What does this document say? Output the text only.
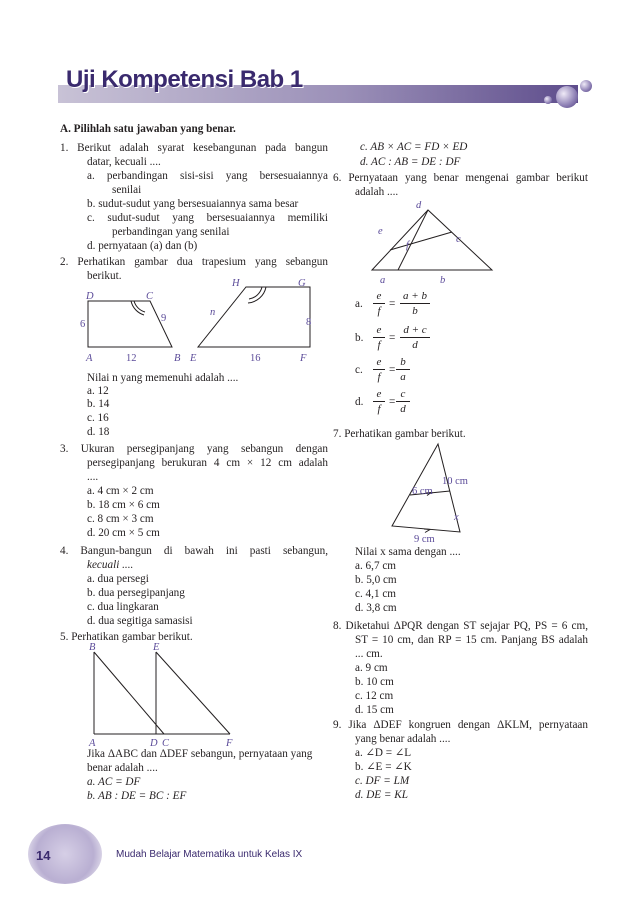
Uji Kompetensi Bab 1
A. Pilihlah satu jawaban yang benar.
1. Berikut adalah syarat kesebangunan pada bangun
datar, kecuali ....
a. perbandingan sisi-sisi yang bersesuaiannya
senilai
b. sudut-sudut yang bersesuaiannya sama besar
c. sudut-sudut yang bersesuaiannya memiliki
perbandingan yang senilai
d. pernyataan (a) dan (b)
2. Perhatikan gambar dua trapesium yang sebangun
berikut.
Nilai n yang memenuhi adalah ....
a. 12
b. 14
c. 16
d. 18
3. Ukuran persegipanjang yang sebangun dengan
persegipanjang berukuran 4 cm × 12 cm adalah
....
a. 4 cm × 2 cm
b. 18 cm × 6 cm
c. 8 cm × 3 cm
d. 20 cm × 5 cm
4. Bangun-bangun di bawah ini pasti sebangun,
kecuali ....
a. dua persegi
b. dua persegipanjang
c. dua lingkaran
d. dua segitiga samasisi
5. Perhatikan gambar berikut.
Jika ΔABC dan ΔDEF sebangun, pernyataan yang
benar adalah ....
a. AC = DF
b. AB : DE = BC : EF
D	C
6
9
A	12	B
H	G
n
8
E	16	F
B	E
A	D C	F
c. AB × AC = FD × ED
d. AC : AB = DE : DF
6. Pernyataan yang benar mengenai gambar berikut
adalah ....
7. Perhatikan gambar berikut.
Nilai x sama dengan ....
a. 6,7 cm
b. 5,0 cm
c. 4,1 cm
d. 3,8 cm
8. Diketahui ΔPQR dengan ST sejajar PQ, PS = 6 cm,
ST = 10 cm, dan RP = 15 cm. Panjang BS adalah
... cm.
a. 9 cm
b. 10 cm
c. 12 cm
d. 15 cm
9. Jika ΔDEF kongruen dengan ΔKLM, pernyataan
yang benar adalah ....
a. ∠D = ∠L
b. ∠E = ∠K
c. DF = LM
d. DE = KL
d
e
f
c
a	b
a.
e
f
=
a + b
b
b.
e
f
=
d + c
d
c.
e
f
=
b
a
d.
e
f
=
c
d
10 cm
6 cm
x
9 cm
14	Mudah Belajar Matematika untuk Kelas IX
